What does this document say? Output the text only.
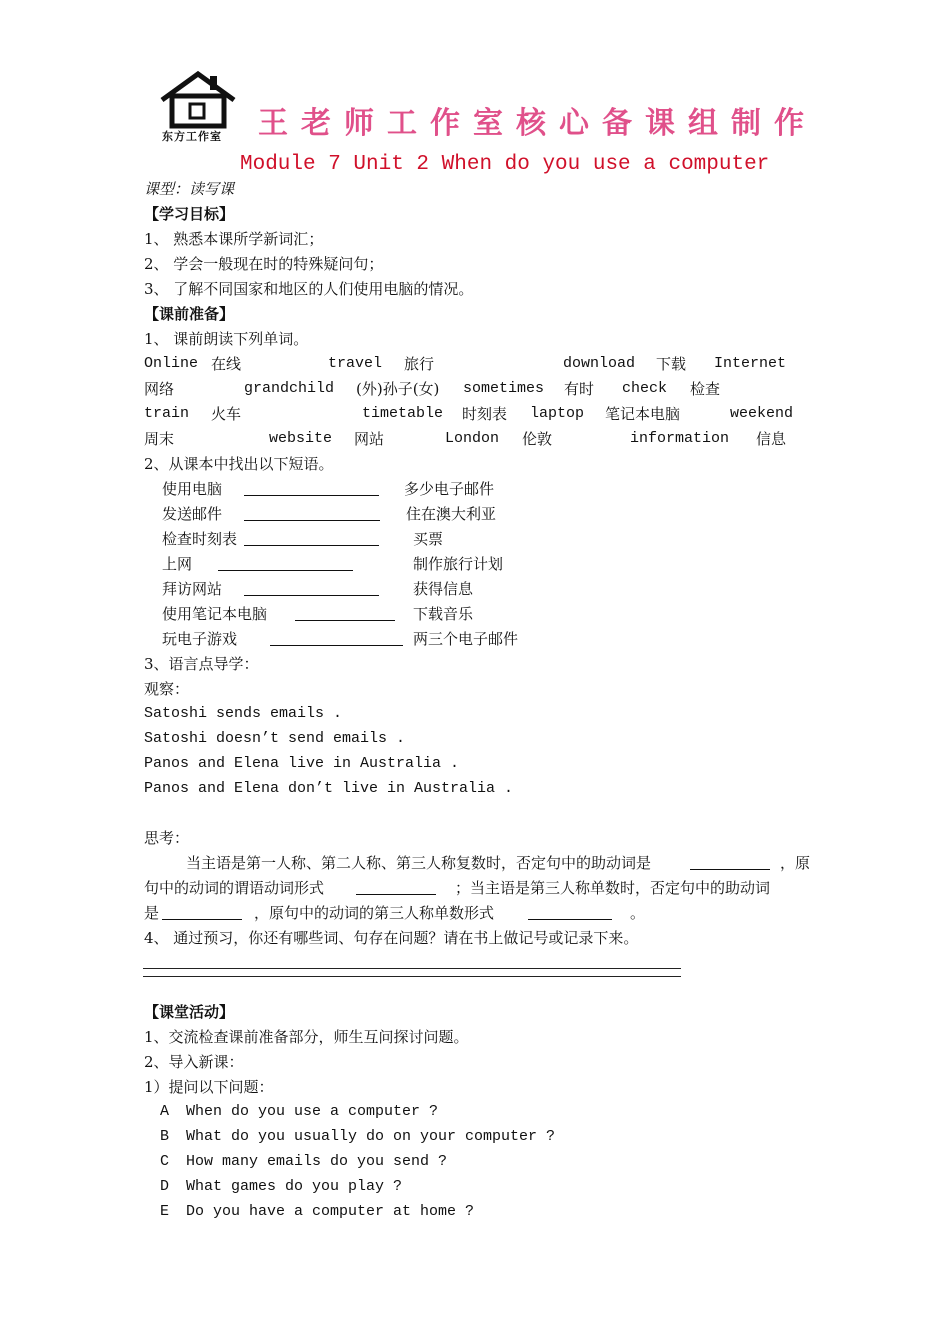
东方工作室 王老师工作室核心备课组制作
Module 7 Unit 2 When do you use a computer
课型：读写课
【学习目标】
1、 熟悉本课所学新词汇；
2、 学会一般现在时的特殊疑问句；
3、 了解不同国家和地区的人们使用电脑的情况。
【课前准备】
1、 课前朗读下列单词。
Online 在线	travel 旅行	download 下载 Internet
网络	grandchild (外)孙子(女) sometimes 有时 check 检查
train 火车	timetable 时刻表 laptop 笔记本电脑	weekend
周末	website 网站	London 伦敦	information 信息
2、从课本中找出以下短语。
使用电脑	多少电子邮件
发送邮件	住在澳大利亚
检查时刻表	买票
上网	制作旅行计划
拜访网站	获得信息
使用笔记本电脑	下载音乐
玩电子游戏	两三个电子邮件
3、语言点导学：
观察：
Satoshi sends emails .
Satoshi doesn’t send emails .
Panos and Elena live in Australia .
Panos and Elena don’t live in Australia .
思考：
当主语是第一人称、第二人称、第三人称复数时，否定句中的助动词是	，原
句中的动词的谓语动词形式	；当主语是第三人称单数时，否定句中的助动词
是	，原句中的动词的第三人称单数形式	。
4、 通过预习，你还有哪些词、句存在问题？请在书上做记号或记录下来。
【课堂活动】
1、交流检查课前准备部分，师生互问探讨问题。
2、导入新课：
1）提问以下问题：
A When do you use a computer ?
B What do you usually do on your computer ?
C How many emails do you send ?
D What games do you play ?
E Do you have a computer at home ?
